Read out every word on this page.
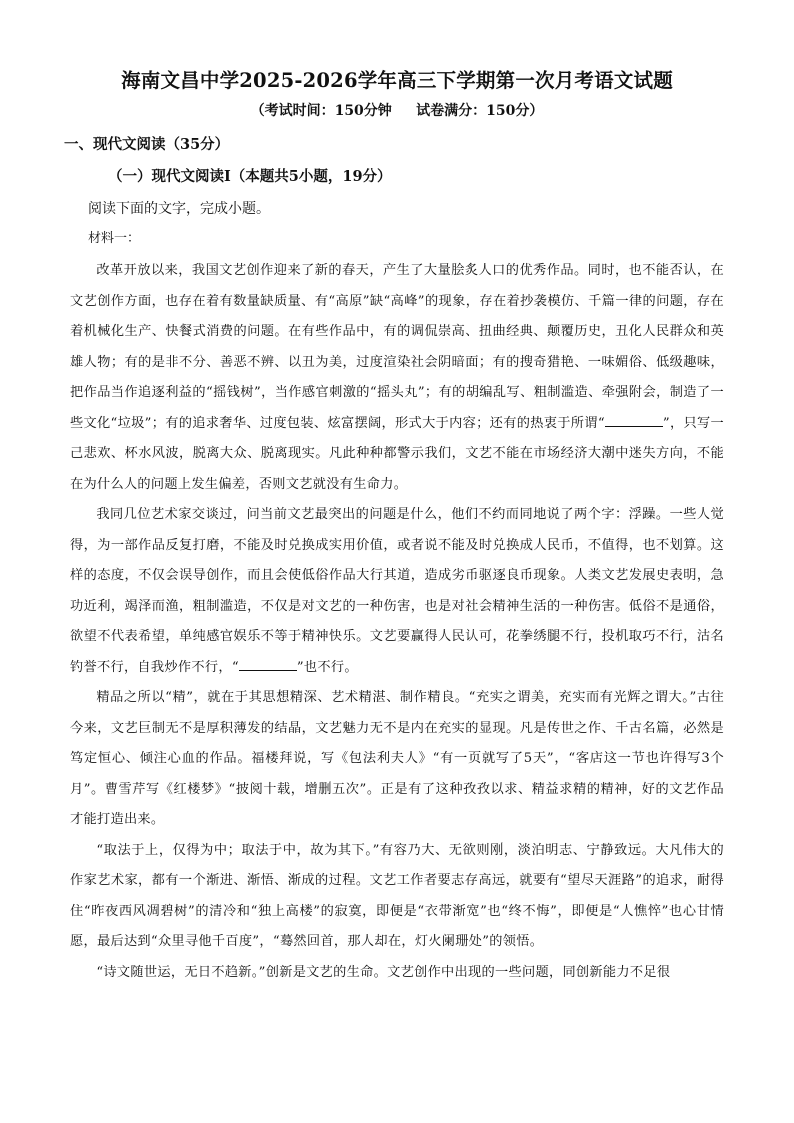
海南文昌中学2025-2026学年高三下学期第一次月考语文试题
（考试时间：150分钟     试卷满分：150分）
一、现代文阅读（35分）
（一）现代文阅读Ⅰ（本题共5小题，19分）
阅读下面的文字，完成小题。
材料一：

改革开放以来，我国文艺创作迎来了新的春天，产生了大量脍炙人口的优秀作品。同时，也不能否认，在文艺创作方面，也存在着有数量缺质量、有“高原”缺“高峰”的现象，存在着抄袭模仿、千篇一律的问题，存在着机械化生产、快餐式消费的问题。在有些作品中，有的调侃崇高、扭曲经典、颠覆历史，丑化人民群众和英雄人物；有的是非不分、善恶不辨、以丑为美，过度渲染社会阴暗面；有的搜奇猎艳、一味媚俗、低级趣味，把作品当作追逐利益的“摇钱树”，当作感官刺激的“摇头丸”；有的胡编乱写、粗制滥造、牵强附会，制造了一些文化“垃圾”；有的追求奢华、过度包装、炫富摆阔，形式大于内容；还有的热衷于所谓“	”，只写一己悲欢、杯水风波，脱离大众、脱离现实。凡此种种都警示我们，文艺不能在市场经济大潮中迷失方向，不能在为什么人的问题上发生偏差，否则文艺就没有生命力。

我同几位艺术家交谈过，问当前文艺最突出的问题是什么，他们不约而同地说了两个字：浮躁。一些人觉得，为一部作品反复打磨，不能及时兑换成实用价值，或者说不能及时兑换成人民币，不值得，也不划算。这样的态度，不仅会误导创作，而且会使低俗作品大行其道，造成劣币驱逐良币现象。人类文艺发展史表明，急功近利，竭泽而渔，粗制滥造，不仅是对文艺的一种伤害，也是对社会精神生活的一种伤害。低俗不是通俗，欲望不代表希望，单纯感官娱乐不等于精神快乐。文艺要赢得人民认可，花拳绣腿不行，投机取巧不行，沽名钓誉不行，自我炒作不行，“	”也不行。

精品之所以“精”，就在于其思想精深、艺术精湛、制作精良。“充实之谓美，充实而有光辉之谓大。”古往今来，文艺巨制无不是厚积薄发的结晶，文艺魅力无不是内在充实的显现。凡是传世之作、千古名篇，必然是笃定恒心、倾注心血的作品。福楼拜说，写《包法利夫人》“有一页就写了5天”，“客店这一节也许得写3个月”。曹雪芹写《红楼梦》“披阅十载，增删五次”。正是有了这种孜孜以求、精益求精的精神，好的文艺作品才能打造出来。

“取法于上，仅得为中；取法于中，故为其下。”有容乃大、无欲则刚，淡泊明志、宁静致远。大凡伟大的作家艺术家，都有一个渐进、渐悟、渐成的过程。文艺工作者要志存高远，就要有“望尽天涯路”的追求，耐得住“昨夜西风凋碧树”的清冷和“独上高楼”的寂寞，即便是“衣带渐宽”也“终不悔”，即便是“人憔悴”也心甘情愿，最后达到“众里寻他千百度”，“蓦然回首，那人却在，灯火阑珊处”的领悟。

“诗文随世运，无日不趋新。”创新是文艺的生命。文艺创作中出现的一些问题，同创新能力不足很
